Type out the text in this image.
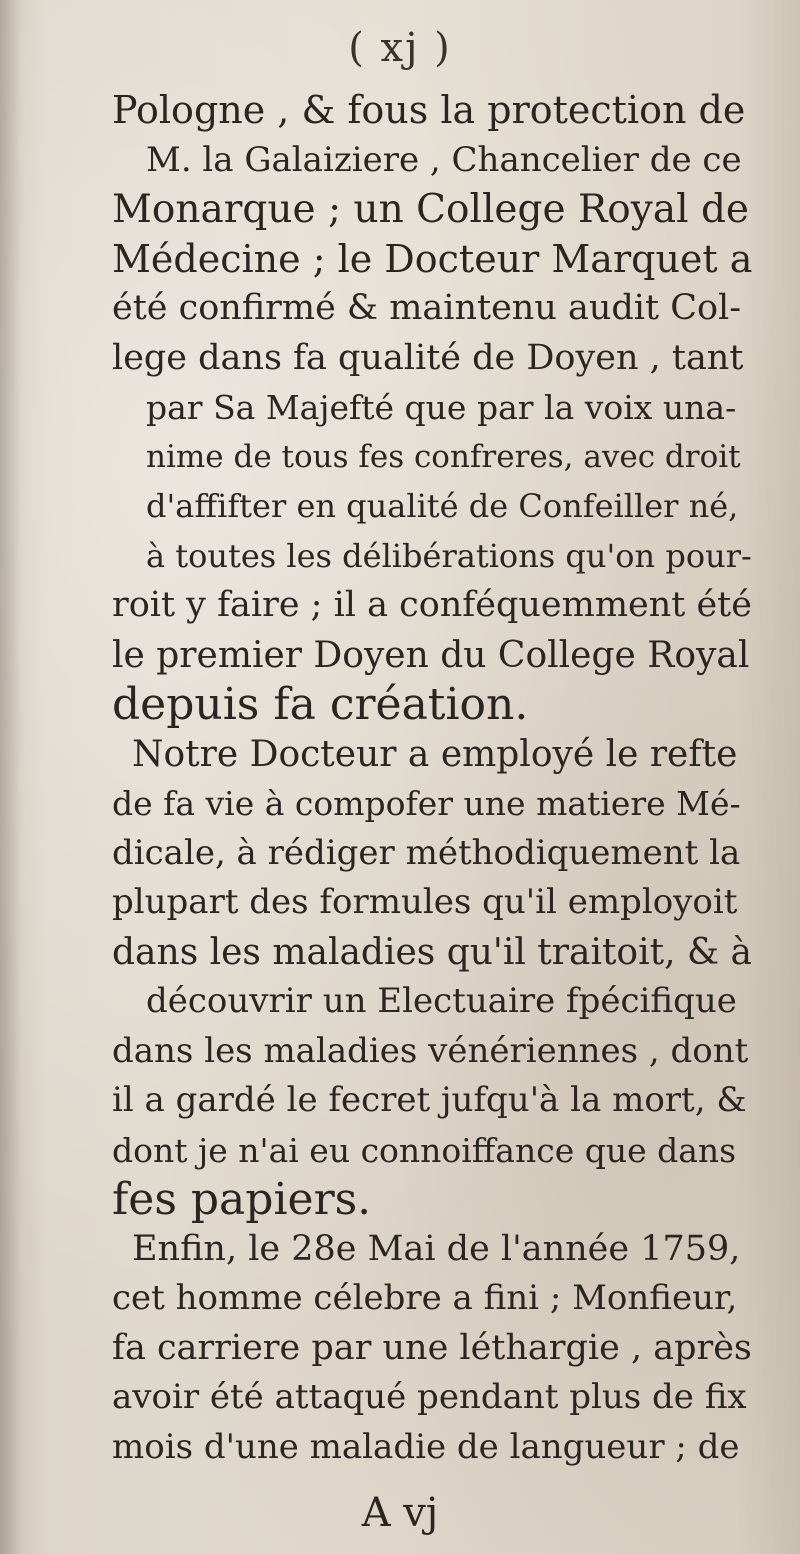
( xj )
Pologne , & fous la protection de
M. la Galaiziere , Chancelier de ce
Monarque ; un College Royal de
Médecine ; le Docteur Marquet a
été confirmé & maintenu audit Col-
lege dans fa qualité de Doyen , tant
par Sa Majefté que par la voix una-
nime de tous fes confreres, avec droit
d'affifter en qualité de Confeiller né,
à toutes les délibérations qu'on pour-
roit y faire ; il a conféquemment été
le premier Doyen du College Royal
depuis fa création.
Notre Docteur a employé le refte
de fa vie à compofer une matiere Mé-
dicale, à rédiger méthodiquement la
plupart des formules qu'il employoit
dans les maladies qu'il traitoit, & à
découvrir un Electuaire fpécifique
dans les maladies vénériennes , dont
il a gardé le fecret jufqu'à la mort, &
dont je n'ai eu connoiffance que dans
fes papiers.
Enfin, le 28e Mai de l'année 1759,
cet homme célebre a fini ; Monfieur,
fa carriere par une léthargie , après
avoir été attaqué pendant plus de fix
mois d'une maladie de langueur ; de
A vj
